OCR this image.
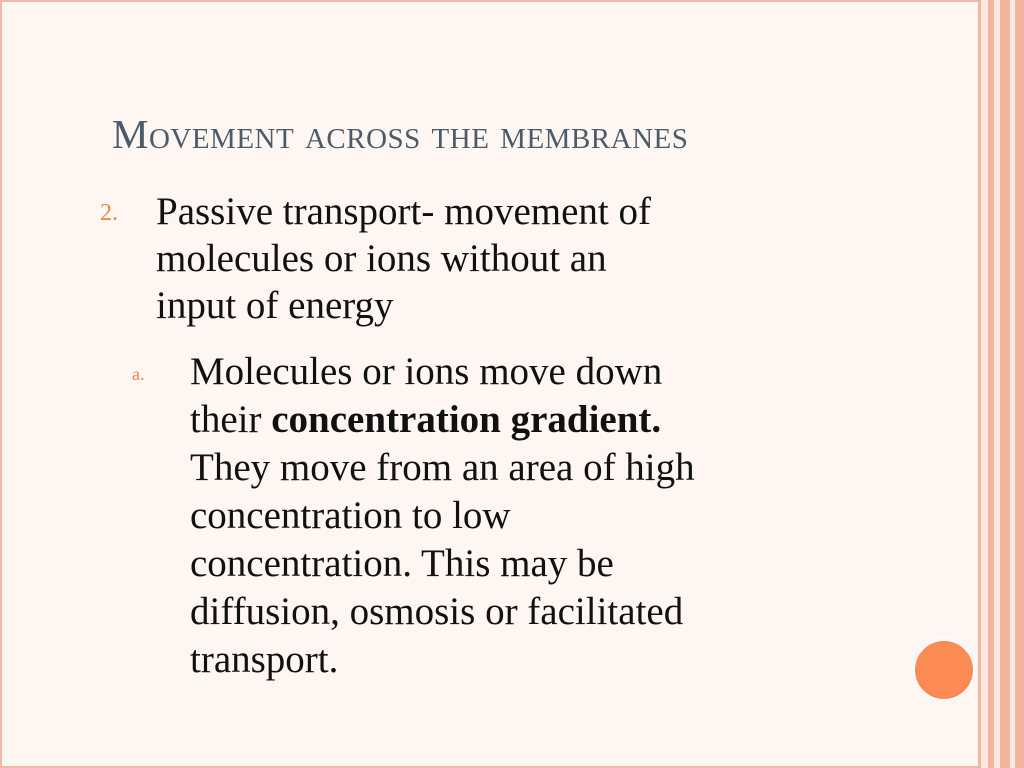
Movement across the membranes
2. Passive transport- movement of
molecules or ions without an
input of energy
a. Molecules or ions move down
their concentration gradient.
They move from an area of high
concentration to low
concentration. This may be
diffusion, osmosis or facilitated
transport.
